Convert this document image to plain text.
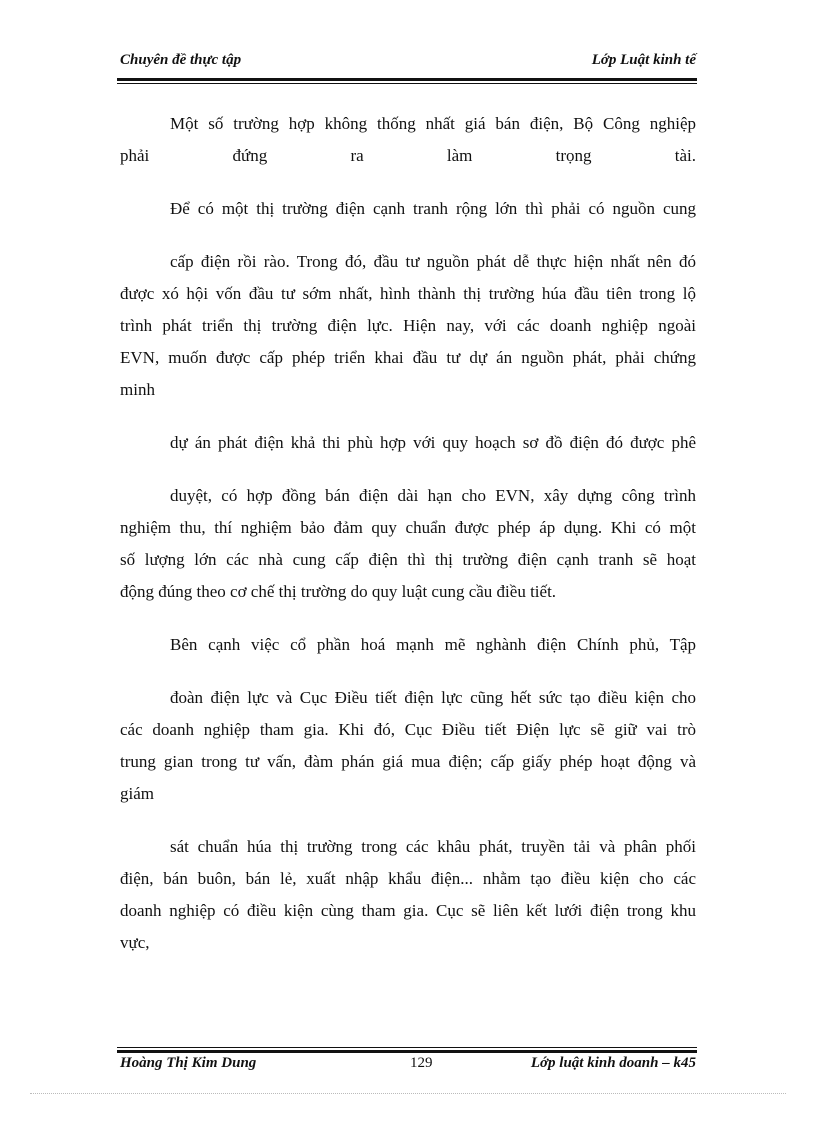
Chuyên đề thực tập	Lớp Luật kinh tế
Một số trường hợp không thống nhất giá bán điện, Bộ Công nghiệp
phải đứng ra làm trọng tài.
Để có một thị trường điện cạnh tranh rộng lớn thì phải có nguồn cung
cấp điện rồi rào. Trong đó, đầu tư nguồn phát dễ thực hiện nhất nên đó
được xó hội vốn đầu tư sớm nhất, hình thành thị trường húa đầu tiên trong lộ
trình phát triển thị trường điện lực. Hiện nay, với các doanh nghiệp ngoài
EVN, muốn được cấp phép triển khai đầu tư dự án nguồn phát, phải chứng
minh
dự án phát điện khả thi phù hợp với quy hoạch sơ đồ điện đó được phê
duyệt, có hợp đồng bán điện dài hạn cho EVN, xây dựng công trình
nghiệm thu, thí nghiệm bảo đảm quy chuẩn được phép áp dụng. Khi có một
số lượng lớn các nhà cung cấp điện thì thị trường điện cạnh tranh sẽ hoạt
động đúng theo cơ chế thị trường do quy luật cung cầu điều tiết.
Bên cạnh việc cổ phần hoá mạnh mẽ nghành điện Chính phủ, Tập
đoàn điện lực và Cục Điều tiết điện lực cũng hết sức tạo điều kiện cho
các doanh nghiệp tham gia. Khi đó, Cục Điều tiết Điện lực sẽ giữ vai trò
trung gian trong tư vấn, đàm phán giá mua điện; cấp giấy phép hoạt động và
giám
sát chuẩn húa thị trường trong các khâu phát, truyền tải và phân phối
điện, bán buôn, bán lẻ, xuất nhập khẩu điện... nhằm tạo điều kiện cho các
doanh nghiệp có điều kiện cùng tham gia. Cục sẽ liên kết lưới điện trong khu
vực,
Hoàng Thị Kim Dung	129	Lớp luật kinh doanh – k45
